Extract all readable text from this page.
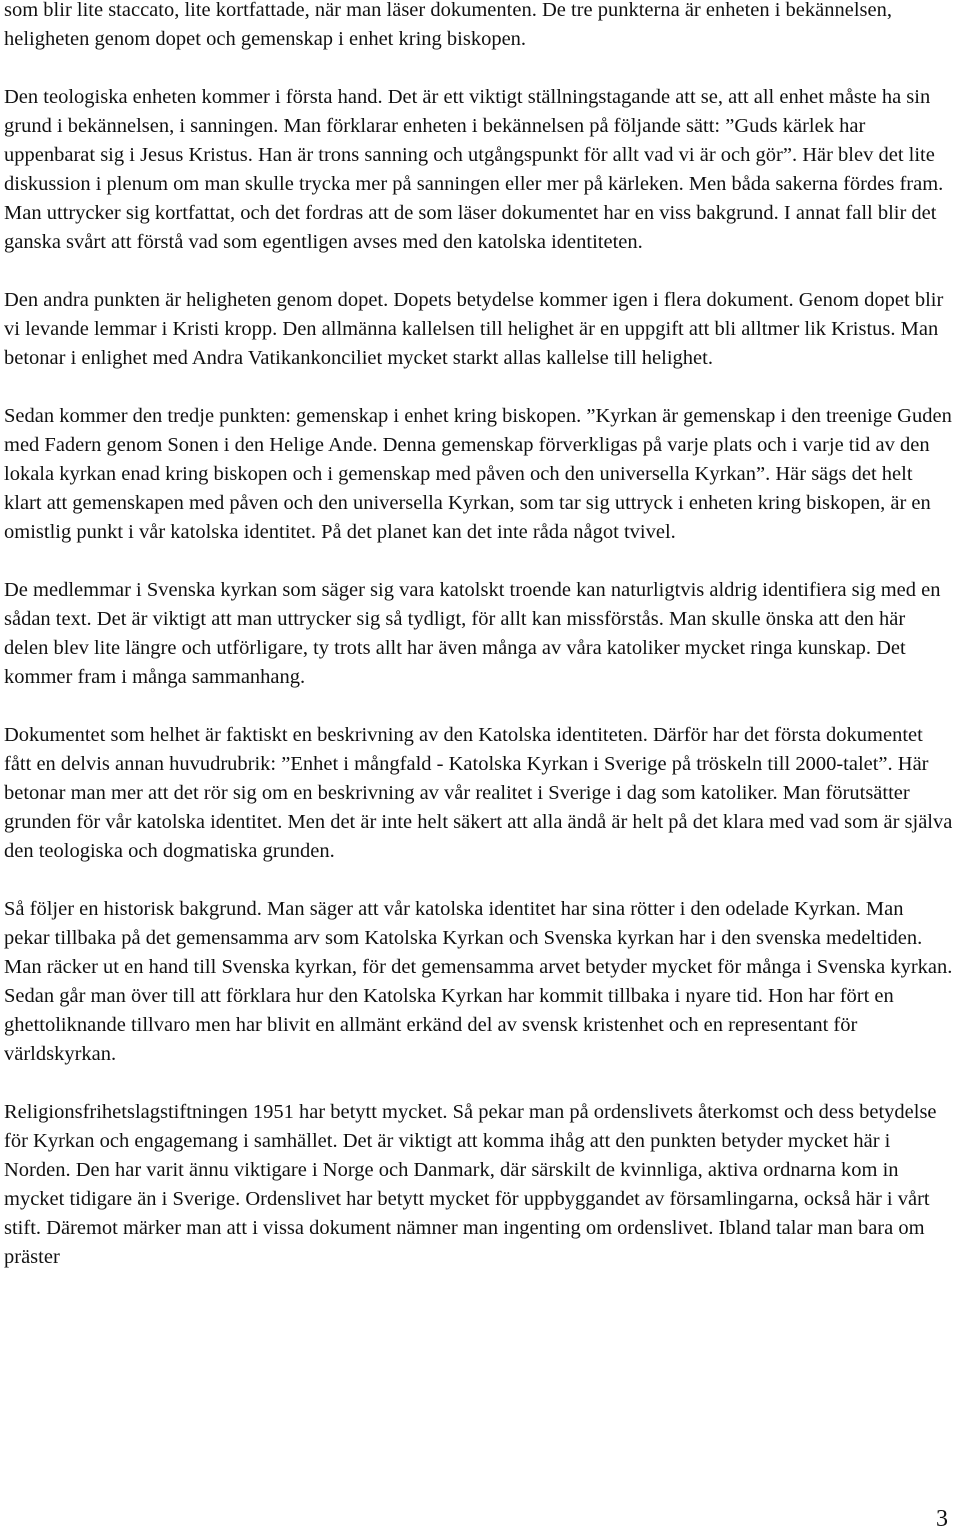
som blir lite staccato, lite kortfattade, när man läser dokumenten. De tre punkterna är enheten i bekännelsen, heligheten genom dopet och gemenskap i enhet kring biskopen.

Den teologiska enheten kommer i första hand. Det är ett viktigt ställningstagande att se, att all enhet måste ha sin grund i bekännelsen, i sanningen. Man förklarar enheten i bekännelsen på följande sätt: ”Guds kärlek har uppenbarat sig i Jesus Kristus. Han är trons sanning och utgångspunkt för allt vad vi är och gör”. Här blev det lite diskussion i plenum om man skulle trycka mer på sanningen eller mer på kärleken. Men båda sakerna fördes fram. Man uttrycker sig kortfattat, och det fordras att de som läser dokumentet har en viss bakgrund. I annat fall blir det ganska svårt att förstå vad som egentligen avses med den katolska identiteten.

Den andra punkten är heligheten genom dopet. Dopets betydelse kommer igen i flera dokument. Genom dopet blir vi levande lemmar i Kristi kropp. Den allmänna kallelsen till helighet är en uppgift att bli alltmer lik Kristus. Man betonar i enlighet med Andra Vatikankonciliet mycket starkt allas kallelse till helighet.

Sedan kommer den tredje punkten: gemenskap i enhet kring biskopen. ”Kyrkan är gemenskap i den treenige Guden med Fadern genom Sonen i den Helige Ande. Denna gemenskap förverkligas på varje plats och i varje tid av den lokala kyrkan enad kring biskopen och i gemenskap med påven och den universella Kyrkan”. Här sägs det helt klart att gemenskapen med påven och den universella Kyrkan, som tar sig uttryck i enheten kring biskopen, är en omistlig punkt i vår katolska identitet. På det planet kan det inte råda något tvivel.

De medlemmar i Svenska kyrkan som säger sig vara katolskt troende kan naturligtvis aldrig identifiera sig med en sådan text. Det är viktigt att man uttrycker sig så tydligt, för allt kan missförstås. Man skulle önska att den här delen blev lite längre och utförligare, ty trots allt har även många av våra katoliker mycket ringa kunskap. Det kommer fram i många sammanhang.

Dokumentet som helhet är faktiskt en beskrivning av den Katolska identiteten. Därför har det första dokumentet fått en delvis annan huvudrubrik: ”Enhet i mångfald - Katolska Kyrkan i Sverige på tröskeln till 2000-talet”. Här betonar man mer att det rör sig om en beskrivning av vår realitet i Sverige i dag som katoliker. Man förutsätter grunden för vår katolska identitet. Men det är inte helt säkert att alla ändå är helt på det klara med vad som är själva den teologiska och dogmatiska grunden.

Så följer en historisk bakgrund. Man säger att vår katolska identitet har sina rötter i den odelade Kyrkan. Man pekar tillbaka på det gemensamma arv som Katolska Kyrkan och Svenska kyrkan har i den svenska medeltiden. Man räcker ut en hand till Svenska kyrkan, för det gemensamma arvet betyder mycket för många i Svenska kyrkan. Sedan går man över till att förklara hur den Katolska Kyrkan har kommit tillbaka i nyare tid. Hon har fört en ghettoliknande tillvaro men har blivit en allmänt erkänd del av svensk kristenhet och en representant för världskyrkan.

Religionsfrihetslagstiftningen 1951 har betytt mycket. Så pekar man på ordenslivets återkomst och dess betydelse för Kyrkan och engagemang i samhället. Det är viktigt att komma ihåg att den punkten betyder mycket här i Norden. Den har varit ännu viktigare i Norge och Danmark, där särskilt de kvinnliga, aktiva ordnarna kom in mycket tidigare än i Sverige. Ordenslivet har betytt mycket för uppbyggandet av församlingarna, också här i vårt stift. Däremot märker man att i vissa dokument nämner man ingenting om ordenslivet. Ibland talar man bara om präster

3
